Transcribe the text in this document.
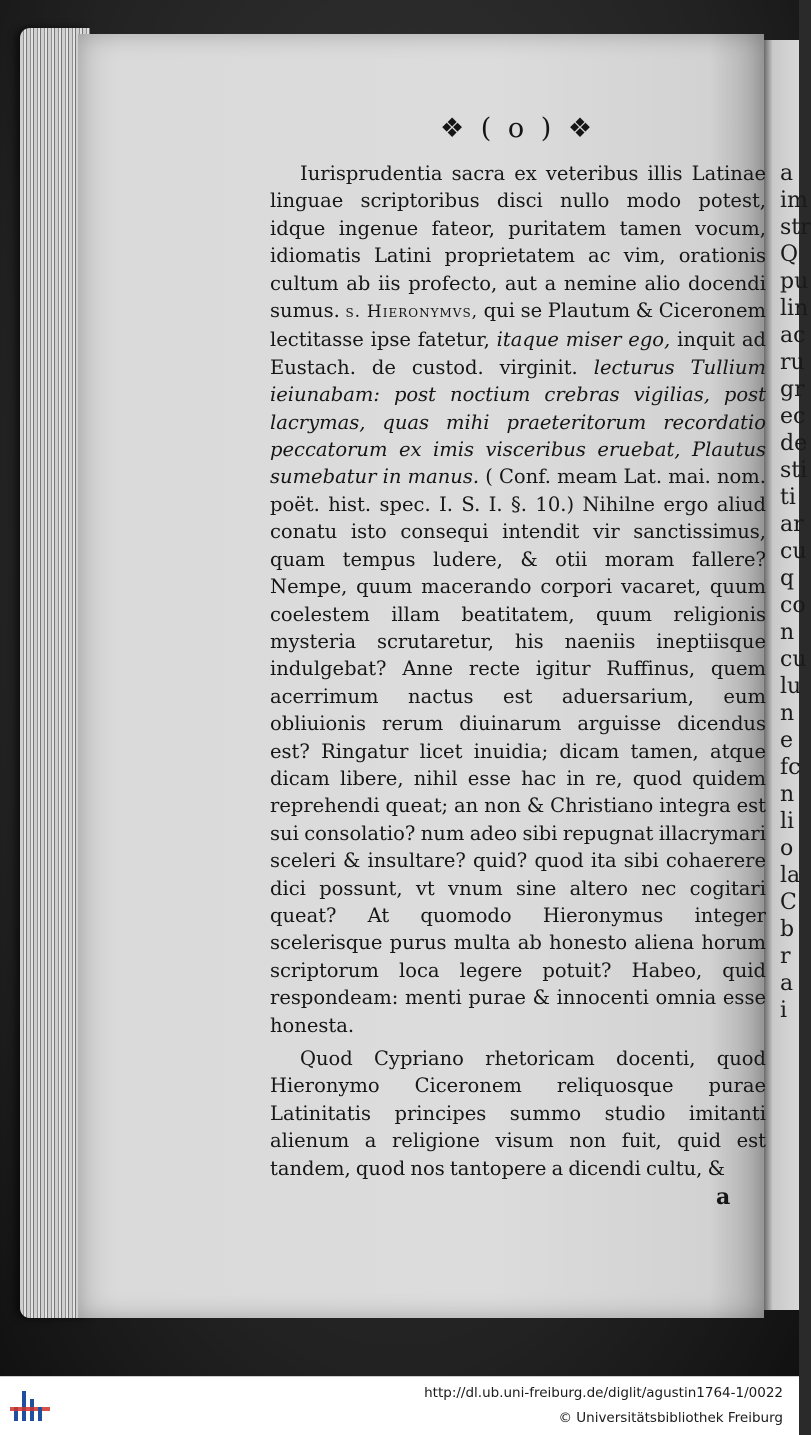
a im str Q pu lin ac ru gr ec de sti ti ar cu q co n cu lu n e fc n li o la C b r a i
❖ ( o ) ❖

Iurisprudentia sacra ex veteribus illis Latinae linguae scriptoribus disci nullo modo potest, idque ingenue fateor, puritatem tamen vocum, idiomatis Latini proprietatem ac vim, orationis cultum ab iis profecto, aut a nemine alio docendi sumus. s. Hieronymvs, qui se Plautum & Ciceronem lectitasse ipse fatetur, itaque miser ego, inquit ad Eustach. de custod. virginit. lecturus Tullium ieiunabam: post noctium crebras vigilias, post lacrymas, quas mihi praeteritorum recordatio peccatorum ex imis visceribus eruebat, Plautus sumebatur in manus. ( Conf. meam Lat. mai. nom. poët. hist. spec. I. S. I. §. 10.) Nihilne ergo aliud conatu isto consequi intendit vir sanctissimus, quam tempus ludere, & otii moram fallere? Nempe, quum macerando corpori vacaret, quum coelestem illam beatitatem, quum religionis mysteria scrutaretur, his naeniis ineptiisque indulgebat? Anne recte igitur Ruffinus, quem acerrimum nactus est aduersarium, eum obliuionis rerum diuinarum arguisse dicendus est? Ringatur licet inuidia; dicam tamen, atque dicam libere, nihil esse hac in re, quod quidem reprehendi queat; an non & Christiano integra est sui consolatio? num adeo sibi repugnat illacrymari sceleri & insultare? quid? quod ita sibi cohaerere dici possunt, vt vnum sine altero nec cogitari queat? At quomodo Hieronymus integer scelerisque purus multa ab honesto aliena horum scriptorum loca legere potuit? Habeo, quid respondeam: menti purae & innocenti omnia esse honesta.

Quod Cypriano rhetoricam docenti, quod Hieronymo Ciceronem reliquosque purae Latinitatis principes summo studio imitanti alienum a religione visum non fuit, quid est tandem, quod nos tantopere a dicendi cultu, &

a
http://dl.ub.uni-freiburg.de/diglit/agustin1764-1/0022
© Universitätsbibliothek Freiburg
